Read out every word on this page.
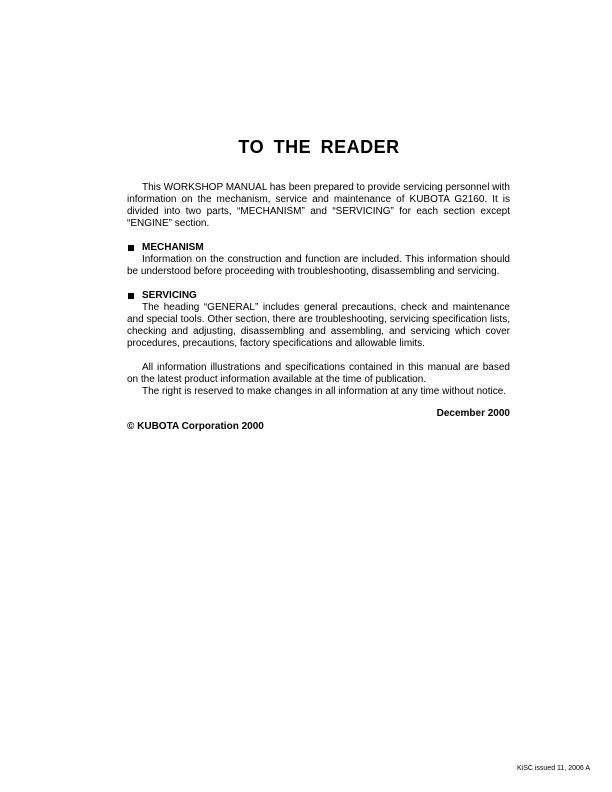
TO THE READER

This WORKSHOP MANUAL has been prepared to provide servicing personnel with information on the mechanism, service and maintenance of KUBOTA G2160. It is divided into two parts, “MECHANISM” and “SERVICING” for each section except “ENGINE” section.

MECHANISM

Information on the construction and function are included. This information should be understood before proceeding with troubleshooting, disassembling and servicing.

SERVICING

The heading “GENERAL” includes general precautions, check and maintenance and special tools. Other section, there are troubleshooting, servicing specification lists, checking and adjusting, disassembling and assembling, and servicing which cover procedures, precautions, factory specifications and allowable limits.

All information illustrations and specifications contained in this manual are based on the latest product information available at the time of publication.

The right is reserved to make changes in all information at any time without notice.

December 2000
© KUBOTA Corporation 2000
KiSC issued 11, 2006 A
